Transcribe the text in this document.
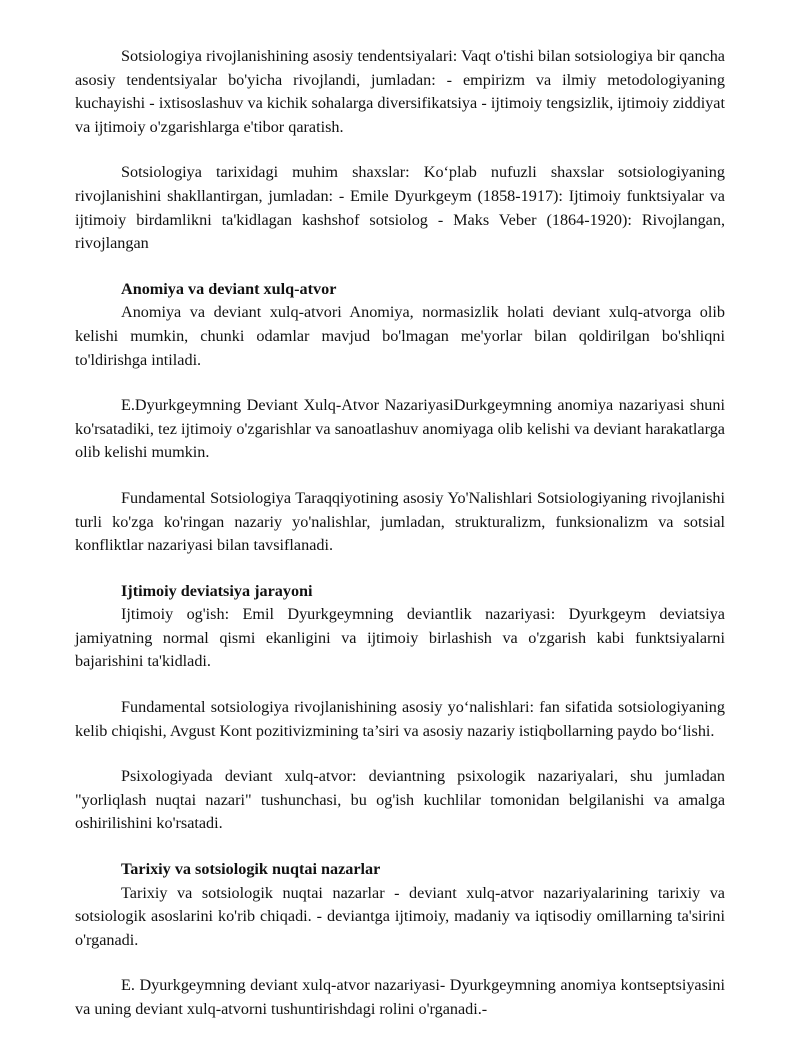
Sotsiologiya rivojlanishining asosiy tendentsiyalari: Vaqt o'tishi bilan sotsiologiya bir qancha asosiy tendentsiyalar bo'yicha rivojlandi, jumladan: - empirizm va ilmiy metodologiyaning kuchayishi - ixtisoslashuv va kichik sohalarga diversifikatsiya - ijtimoiy tengsizlik, ijtimoiy ziddiyat va ijtimoiy o'zgarishlarga e'tibor qaratish.

Sotsiologiya tarixidagi muhim shaxslar: Ko‘plab nufuzli shaxslar sotsiologiyaning rivojlanishini shakllantirgan, jumladan: - Emile Dyurkgeym (1858-1917): Ijtimoiy funktsiyalar va ijtimoiy birdamlikni ta'kidlagan kashshof sotsiolog - Maks Veber (1864-1920): Rivojlangan, rivojlangan

Anomiya va deviant xulq-atvor

Anomiya va deviant xulq-atvori Anomiya, normasizlik holati deviant xulq-atvorga olib kelishi mumkin, chunki odamlar mavjud bo'lmagan me'yorlar bilan qoldirilgan bo'shliqni to'ldirishga intiladi.

E.Dyurkgeymning Deviant Xulq-Atvor NazariyasiDurkgeymning anomiya nazariyasi shuni ko'rsatadiki, tez ijtimoiy o'zgarishlar va sanoatlashuv anomiyaga olib kelishi va deviant harakatlarga olib kelishi mumkin.

Fundamental Sotsiologiya Taraqqiyotining asosiy Yo'Nalishlari Sotsiologiyaning rivojlanishi turli ko'zga ko'ringan nazariy yo'nalishlar, jumladan, strukturalizm, funksionalizm va sotsial konfliktlar nazariyasi bilan tavsiflanadi.

Ijtimoiy deviatsiya jarayoni

Ijtimoiy og'ish: Emil Dyurkgeymning deviantlik nazariyasi: Dyurkgeym deviatsiya jamiyatning normal qismi ekanligini va ijtimoiy birlashish va o'zgarish kabi funktsiyalarni bajarishini ta'kidladi.

Fundamental sotsiologiya rivojlanishining asosiy yo‘nalishlari: fan sifatida sotsiologiyaning kelib chiqishi, Avgust Kont pozitivizmining ta’siri va asosiy nazariy istiqbollarning paydo bo‘lishi.

Psixologiyada deviant xulq-atvor: deviantning psixologik nazariyalari, shu jumladan "yorliqlash nuqtai nazari" tushunchasi, bu og'ish kuchlilar tomonidan belgilanishi va amalga oshirilishini ko'rsatadi.

Tarixiy va sotsiologik nuqtai nazarlar

Tarixiy va sotsiologik nuqtai nazarlar - deviant xulq-atvor nazariyalarining tarixiy va sotsiologik asoslarini ko'rib chiqadi. - deviantga ijtimoiy, madaniy va iqtisodiy omillarning ta'sirini o'rganadi.

E. Dyurkgeymning deviant xulq-atvor nazariyasi- Dyurkgeymning anomiya kontseptsiyasini va uning deviant xulq-atvorni tushuntirishdagi rolini o'rganadi.-
